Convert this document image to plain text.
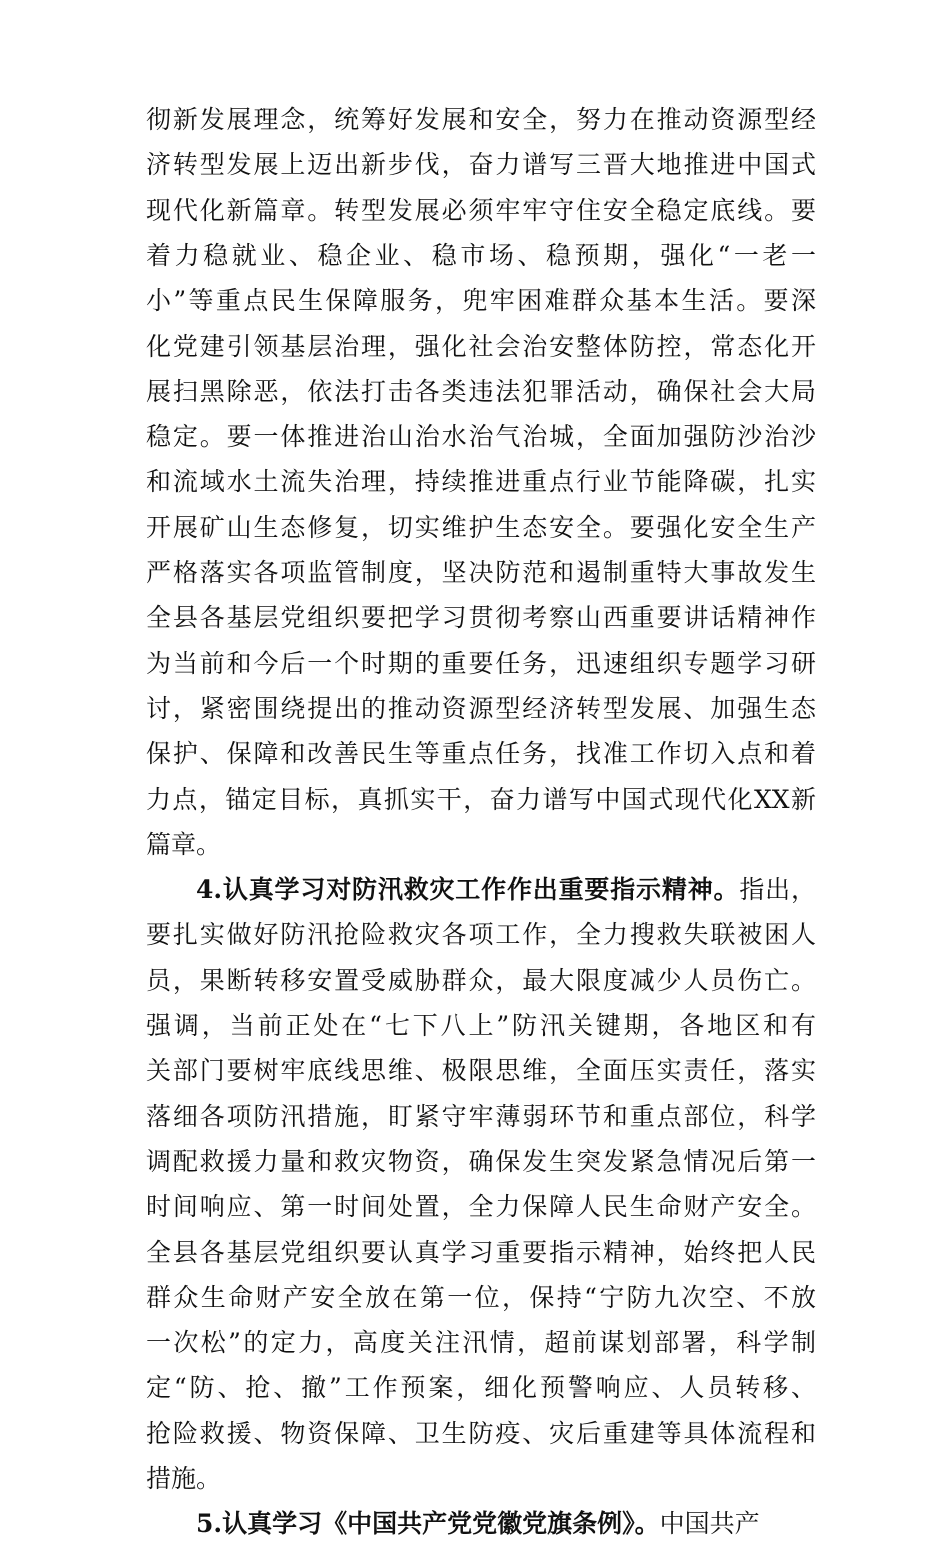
彻新发展理念，统筹好发展和安全，努力在推动资源型经
济转型发展上迈出新步伐，奋力谱写三晋大地推进中国式
现代化新篇章。转型发展必须牢牢守住安全稳定底线。要
着力稳就业、稳企业、稳市场、稳预期，强化“一老一
小”等重点民生保障服务，兜牢困难群众基本生活。要深
化党建引领基层治理，强化社会治安整体防控，常态化开
展扫黑除恶，依法打击各类违法犯罪活动，确保社会大局
稳定。要一体推进治山治水治气治城，全面加强防沙治沙
和流域水土流失治理，持续推进重点行业节能降碳，扎实
开展矿山生态修复，切实维护生态安全。要强化安全生产
严格落实各项监管制度，坚决防范和遏制重特大事故发生
全县各基层党组织要把学习贯彻考察山西重要讲话精神作
为当前和今后一个时期的重要任务，迅速组织专题学习研
讨，紧密围绕提出的推动资源型经济转型发展、加强生态
保护、保障和改善民生等重点任务，找准工作切入点和着
力点，锚定目标，真抓实干，奋力谱写中国式现代化XX新
篇章。
4.认真学习对防汛救灾工作作出重要指示精神。指出，
要扎实做好防汛抢险救灾各项工作，全力搜救失联被困人
员，果断转移安置受威胁群众，最大限度减少人员伤亡。
强调，当前正处在“七下八上”防汛关键期，各地区和有
关部门要树牢底线思维、极限思维，全面压实责任，落实
落细各项防汛措施，盯紧守牢薄弱环节和重点部位，科学
调配救援力量和救灾物资，确保发生突发紧急情况后第一
时间响应、第一时间处置，全力保障人民生命财产安全。
全县各基层党组织要认真学习重要指示精神，始终把人民
群众生命财产安全放在第一位，保持“宁防九次空、不放
一次松”的定力，高度关注汛情，超前谋划部署，科学制
定“防、抢、撤”工作预案，细化预警响应、人员转移、
抢险救援、物资保障、卫生防疫、灾后重建等具体流程和
措施。
5.认真学习《中国共产党党徽党旗条例》。中国共产
